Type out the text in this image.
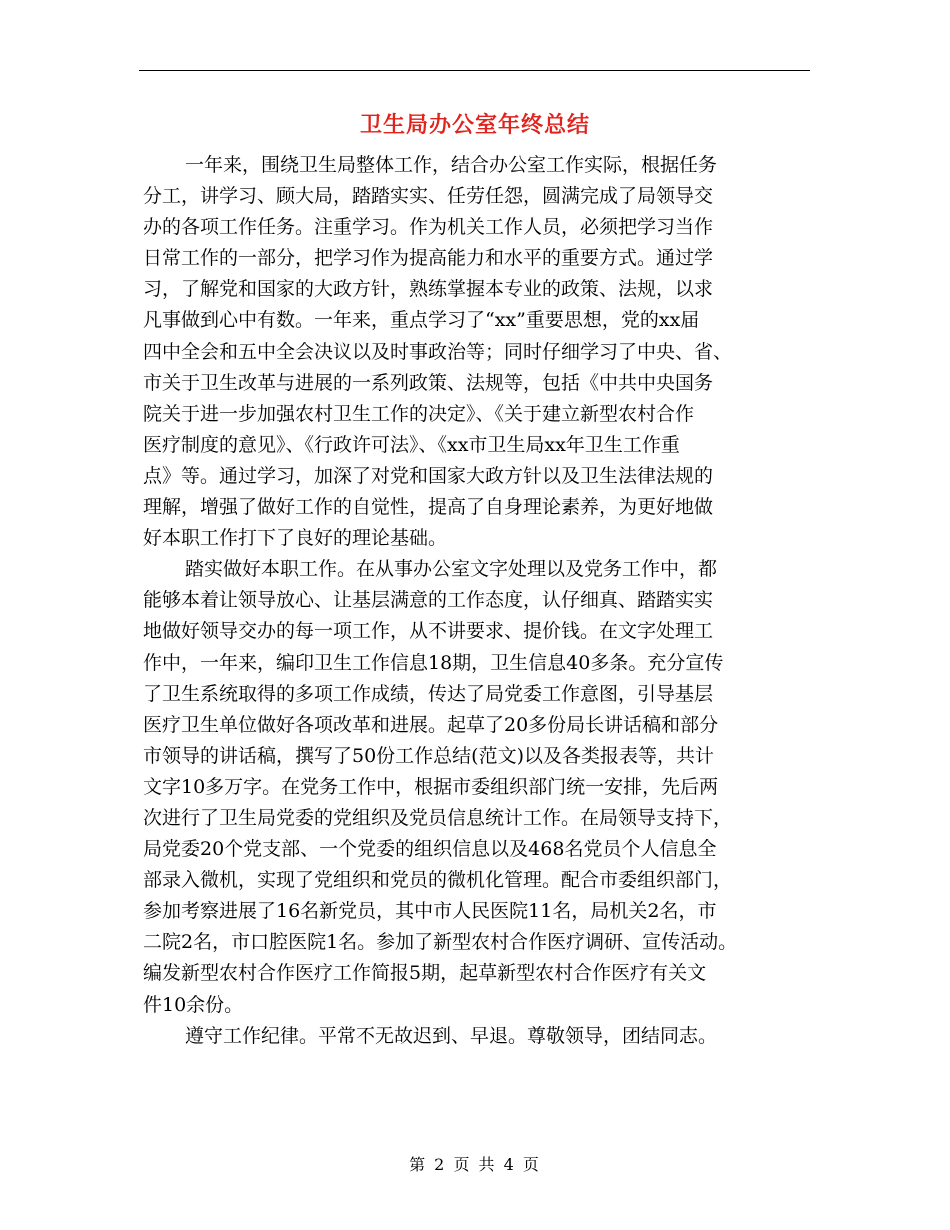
卫生局办公室年终总结
一年来，围绕卫生局整体工作，结合办公室工作实际，根据任务
分工，讲学习、顾大局，踏踏实实、任劳任怨，圆满完成了局领导交
办的各项工作任务。注重学习。作为机关工作人员，必须把学习当作
日常工作的一部分，把学习作为提高能力和水平的重要方式。通过学
习，了解党和国家的大政方针，熟练掌握本专业的政策、法规，以求
凡事做到心中有数。一年来，重点学习了“xx”重要思想，党的xx届
四中全会和五中全会决议以及时事政治等；同时仔细学习了中央、省、
市关于卫生改革与进展的一系列政策、法规等，包括《中共中央国务
院关于进一步加强农村卫生工作的决定》、《关于建立新型农村合作
医疗制度的意见》、《行政许可法》、《xx市卫生局xx年卫生工作重
点》等。通过学习，加深了对党和国家大政方针以及卫生法律法规的
理解，增强了做好工作的自觉性，提高了自身理论素养，为更好地做
好本职工作打下了良好的理论基础。
踏实做好本职工作。在从事办公室文字处理以及党务工作中，都
能够本着让领导放心、让基层满意的工作态度，认仔细真、踏踏实实
地做好领导交办的每一项工作，从不讲要求、提价钱。在文字处理工
作中，一年来，编印卫生工作信息18期，卫生信息40多条。充分宣传
了卫生系统取得的多项工作成绩，传达了局党委工作意图，引导基层
医疗卫生单位做好各项改革和进展。起草了20多份局长讲话稿和部分
市领导的讲话稿，撰写了50份工作总结(范文)以及各类报表等，共计
文字10多万字。在党务工作中，根据市委组织部门统一安排，先后两
次进行了卫生局党委的党组织及党员信息统计工作。在局领导支持下，
局党委20个党支部、一个党委的组织信息以及468名党员个人信息全
部录入微机，实现了党组织和党员的微机化管理。配合市委组织部门，
参加考察进展了16名新党员，其中市人民医院11名，局机关2名，市
二院2名，市口腔医院1名。参加了新型农村合作医疗调研、宣传活动。
编发新型农村合作医疗工作简报5期，起草新型农村合作医疗有关文
件10余份。
遵守工作纪律。平常不无故迟到、早退。尊敬领导，团结同志。
第 2 页 共 4 页
